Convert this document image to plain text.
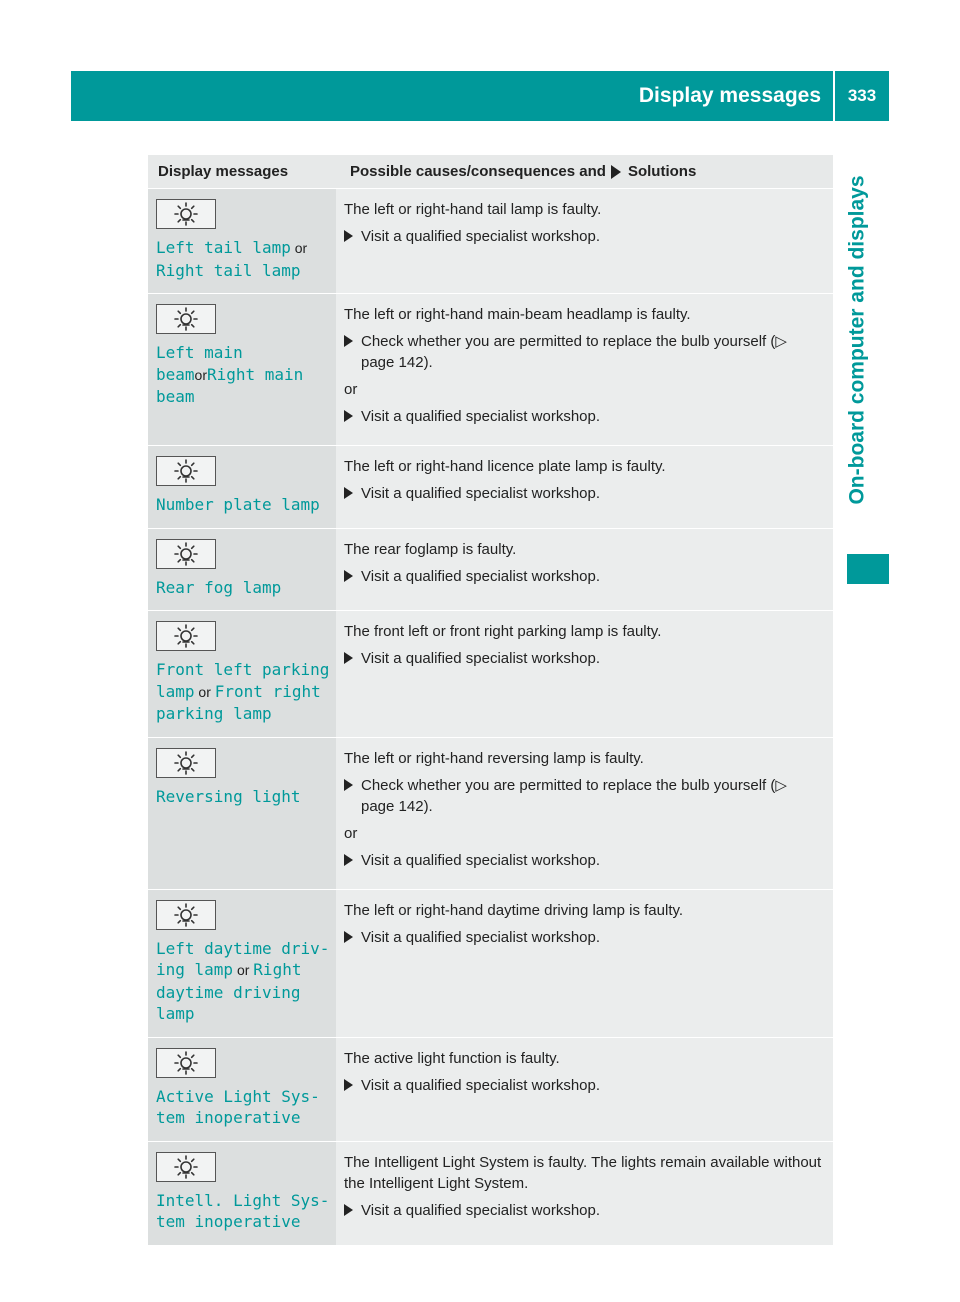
Display messages	333
On-board computer and displays
Display messages	Possible causes/consequences and Solutions
Left tail lamp or Right tail lamp
The left or right-hand tail lamp is faulty.
Visit a qualified specialist workshop.
Left main beamorRight main beam
The left or right-hand main-beam headlamp is faulty.
Check whether you are permitted to replace the bulb yourself (▷ page 142).
or
Visit a qualified specialist workshop.
Number plate lamp
The left or right-hand licence plate lamp is faulty.
Visit a qualified specialist workshop.
Rear fog lamp
The rear foglamp is faulty.
Visit a qualified specialist workshop.
Front left parking lamp or Front right parking lamp
The front left or front right parking lamp is faulty.
Visit a qualified specialist workshop.
Reversing light
The left or right-hand reversing lamp is faulty.
Check whether you are permitted to replace the bulb yourself (▷ page 142).
or
Visit a qualified specialist workshop.
Left daytime driv‑ ing lamp or Right daytime driving lamp
The left or right-hand daytime driving lamp is faulty.
Visit a qualified specialist workshop.
Active Light Sys‑ tem inoperative
The active light function is faulty.
Visit a qualified specialist workshop.
Intell. Light Sys‑ tem inoperative
The Intelligent Light System is faulty. The lights remain available without the Intelligent Light System.
Visit a qualified specialist workshop.
